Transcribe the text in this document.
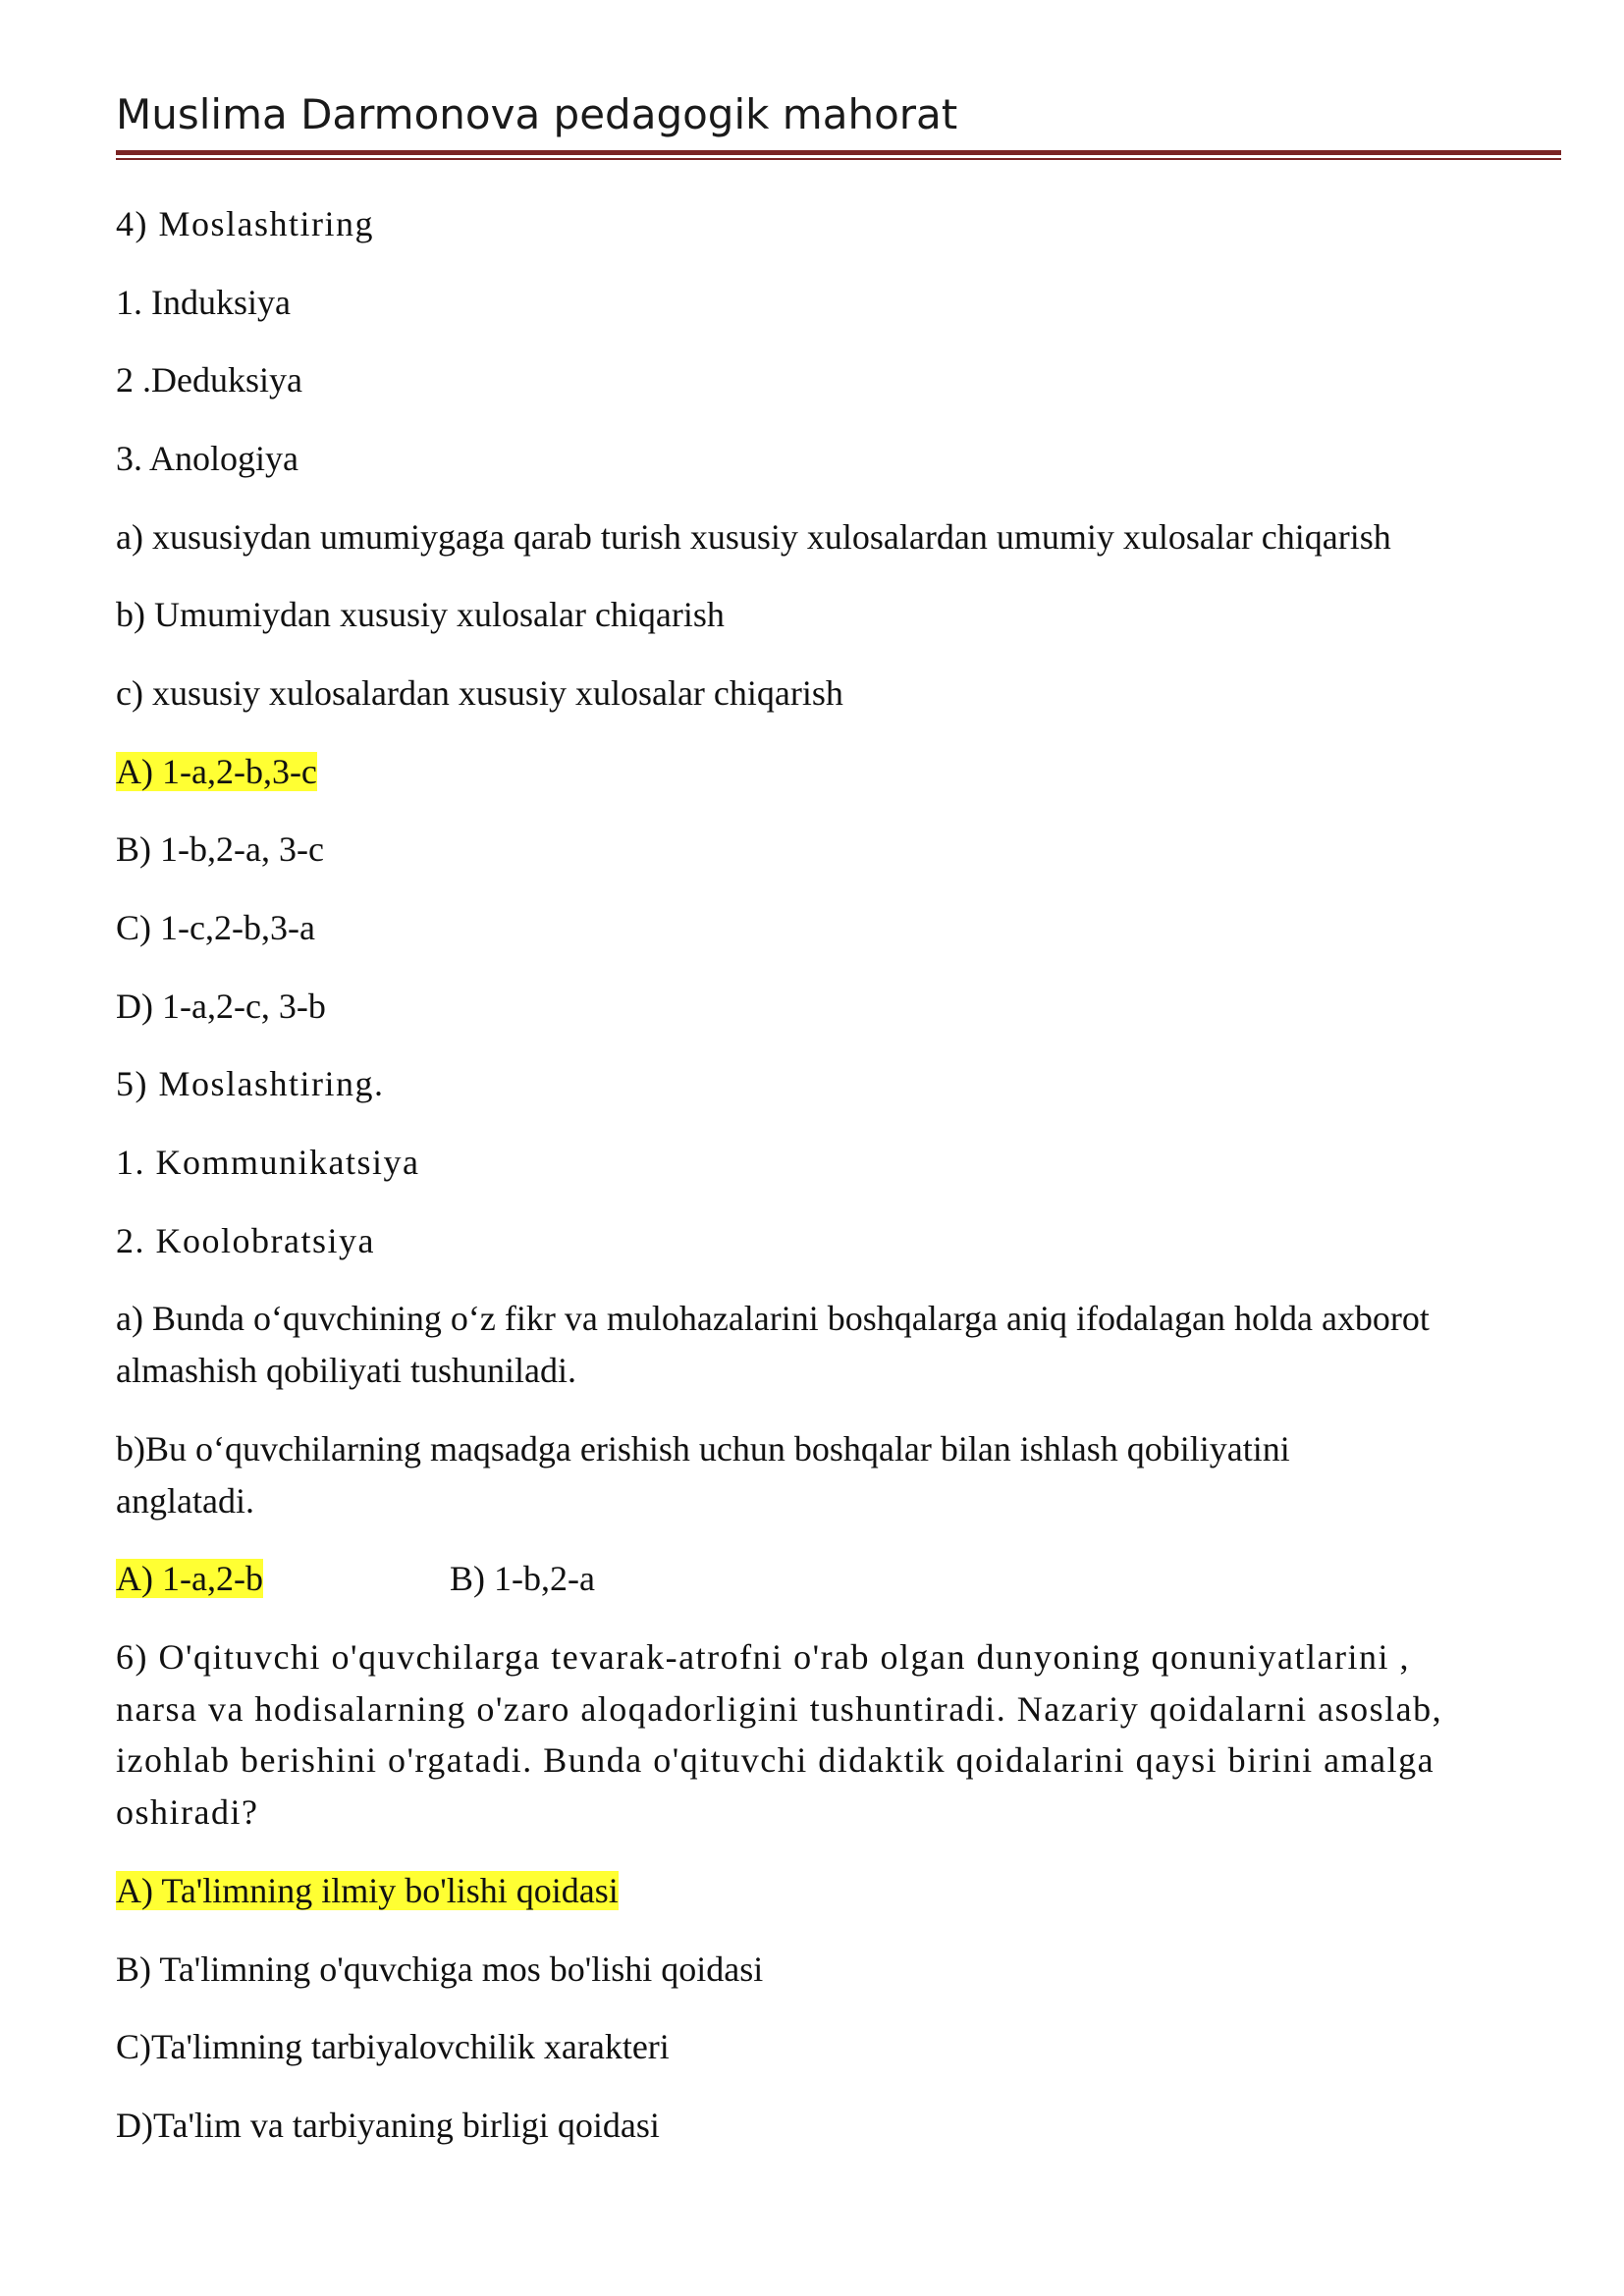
Muslima Darmonova pedagogik mahorat
4) Moslashtiring
1. Induksiya
2 .Deduksiya
3. Anologiya
a) xususiydan umumiygaga qarab turish xususiy xulosalardan umumiy xulosalar chiqarish
b) Umumiydan xususiy xulosalar chiqarish
c) xususiy xulosalardan xususiy xulosalar chiqarish
A) 1-a,2-b,3-c
B) 1-b,2-a, 3-c
C) 1-c,2-b,3-a
D) 1-a,2-c, 3-b
5) Moslashtiring.
1. Kommunikatsiya
2. Koolobratsiya
a) Bunda o‘quvchining o‘z fikr va mulohazalarini boshqalarga aniq ifodalagan holda axborot
almashish qobiliyati tushuniladi.
b)Bu o‘quvchilarning maqsadga erishish uchun boshqalar bilan ishlash qobiliyatini
anglatadi.
A) 1-a,2-b	B) 1-b,2-a
6) O'qituvchi o'quvchilarga tevarak-atrofni o'rab olgan dunyoning qonuniyatlarini ,
narsa va hodisalarning o'zaro aloqadorligini tushuntiradi. Nazariy qoidalarni asoslab,
izohlab berishini o'rgatadi. Bunda o'qituvchi didaktik qoidalarini qaysi birini amalga
oshiradi?
A) Ta'limning ilmiy bo'lishi qoidasi
B) Ta'limning o'quvchiga mos bo'lishi qoidasi
C)Ta'limning tarbiyalovchilik xarakteri
D)Ta'lim va tarbiyaning birligi qoidasi
